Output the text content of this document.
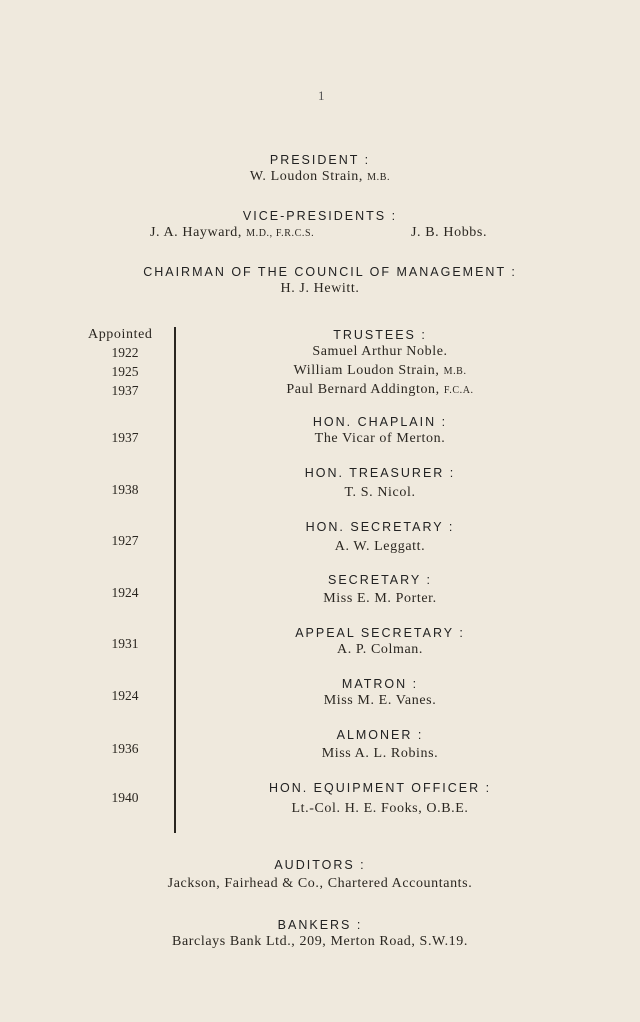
1
PRESIDENT :
W. Loudon Strain, M.B.
VICE-PRESIDENTS :
J. A. Hayward, M.D., F.R.C.S.	J. B. Hobbs.
CHAIRMAN OF THE COUNCIL OF MANAGEMENT :
H. J. Hewitt.
Appointed
1922
1925
1937
TRUSTEES :
Samuel Arthur Noble.
William Loudon Strain, M.B.
Paul Bernard Addington, F.C.A.
1937
HON. CHAPLAIN :
The Vicar of Merton.
1938
HON. TREASURER :
T. S. Nicol.
1927
HON. SECRETARY :
A. W. Leggatt.
1924
SECRETARY :
Miss E. M. Porter.
1931
APPEAL SECRETARY :
A. P. Colman.
1924
MATRON :
Miss M. E. Vanes.
1936
ALMONER :
Miss A. L. Robins.
1940
HON. EQUIPMENT OFFICER :
Lt.-Col. H. E. Fooks, O.B.E.
AUDITORS :
Jackson, Fairhead & Co., Chartered Accountants.
BANKERS :
Barclays Bank Ltd., 209, Merton Road, S.W.19.
